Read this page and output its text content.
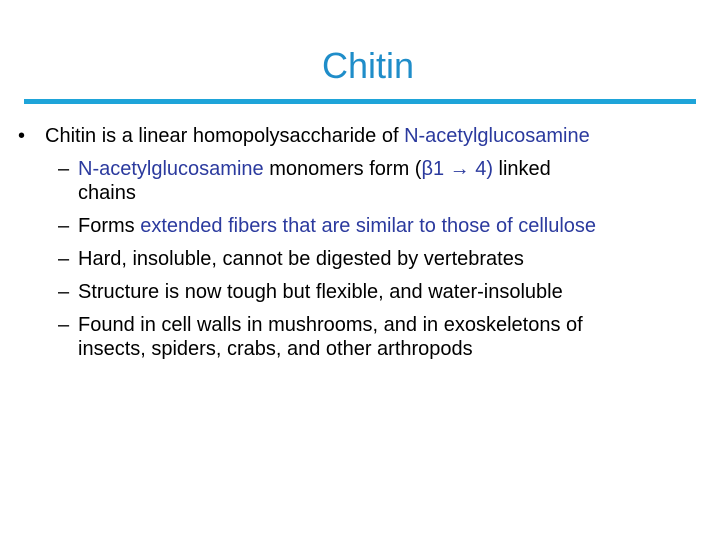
Chitin
• Chitin is a linear homopolysaccharide of N-acetylglucosamine
– N-acetylglucosamine monomers form (β1 → 4) linked
chains
– Forms extended fibers that are similar to those of cellulose
– Hard, insoluble, cannot be digested by vertebrates
– Structure is now tough but flexible, and water-insoluble
– Found in cell walls in mushrooms, and in exoskeletons of
insects, spiders, crabs, and other arthropods
